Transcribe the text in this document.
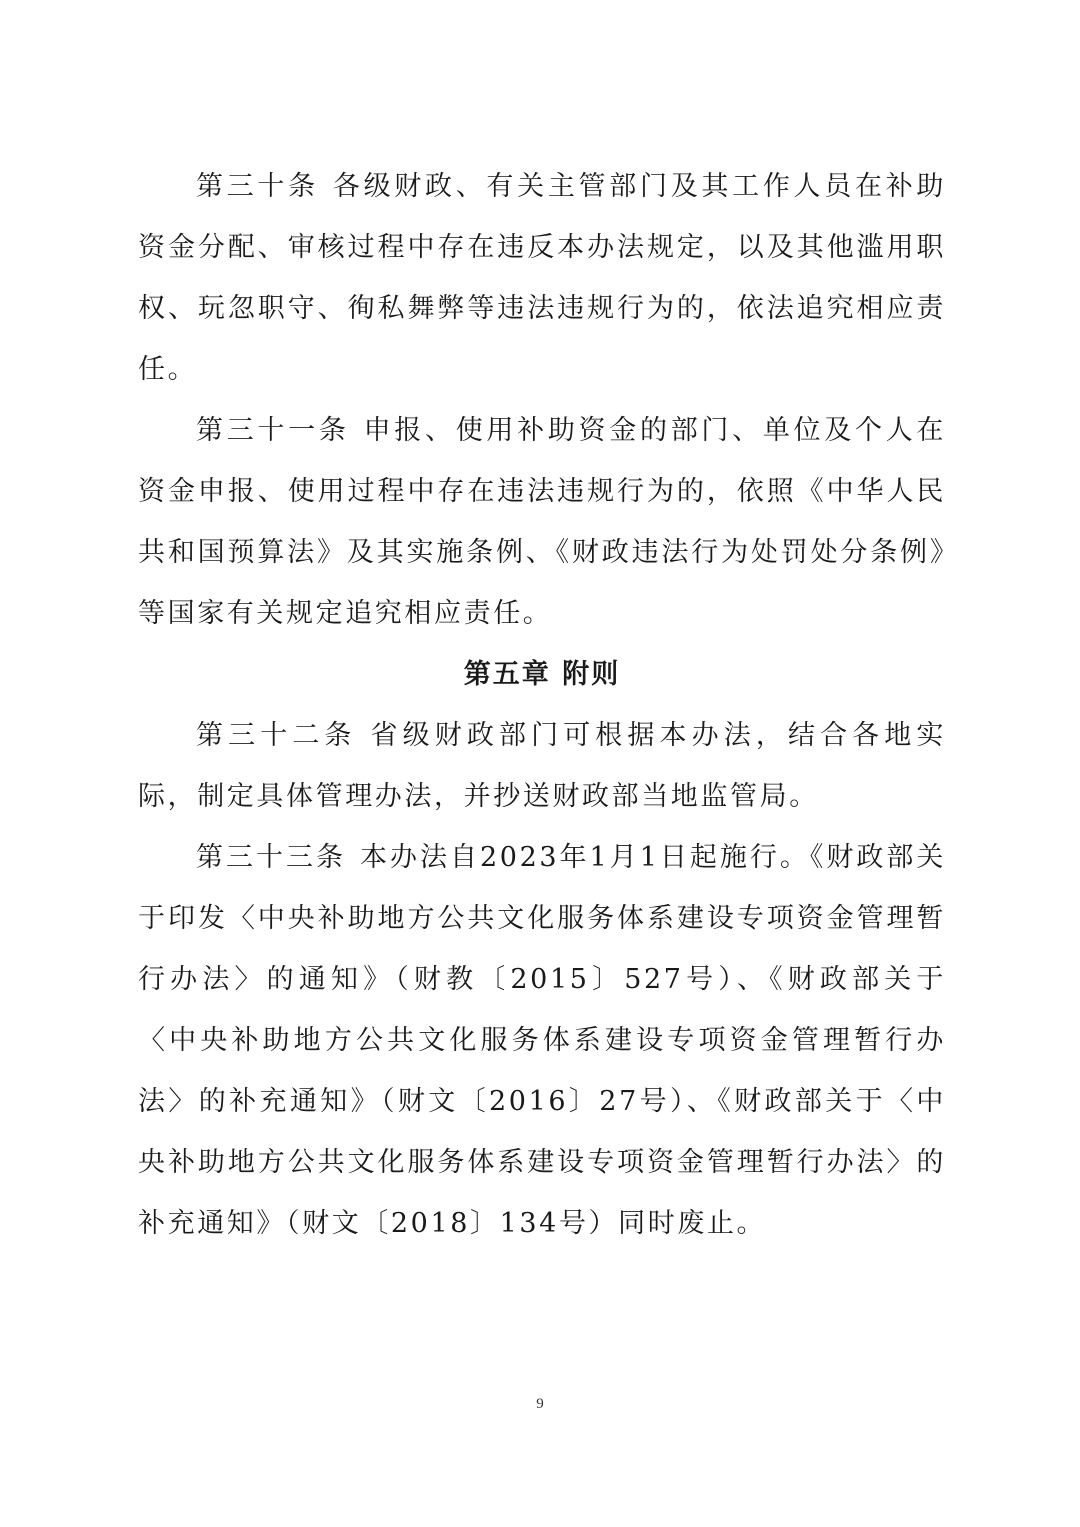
第三十条 各级财政、有关主管部门及其工作人员在补助资金分配、审核过程中存在违反本办法规定，以及其他滥用职权、玩忽职守、徇私舞弊等违法违规行为的，依法追究相应责任。

第三十一条 申报、使用补助资金的部门、单位及个人在资金申报、使用过程中存在违法违规行为的，依照《中华人民共和国预算法》及其实施条例、《财政违法行为处罚处分条例》等国家有关规定追究相应责任。

第五章 附则

第三十二条 省级财政部门可根据本办法，结合各地实际，制定具体管理办法，并抄送财政部当地监管局。

第三十三条 本办法自2023年1月1日起施行。《财政部关于印发〈中央补助地方公共文化服务体系建设专项资金管理暂行办法〉的通知》（财教〔2015〕527号）、《财政部关于〈中央补助地方公共文化服务体系建设专项资金管理暂行办法〉的补充通知》（财文〔2016〕27号）、《财政部关于〈中央补助地方公共文化服务体系建设专项资金管理暂行办法〉的补充通知》（财文〔2018〕134号）同时废止。

9
